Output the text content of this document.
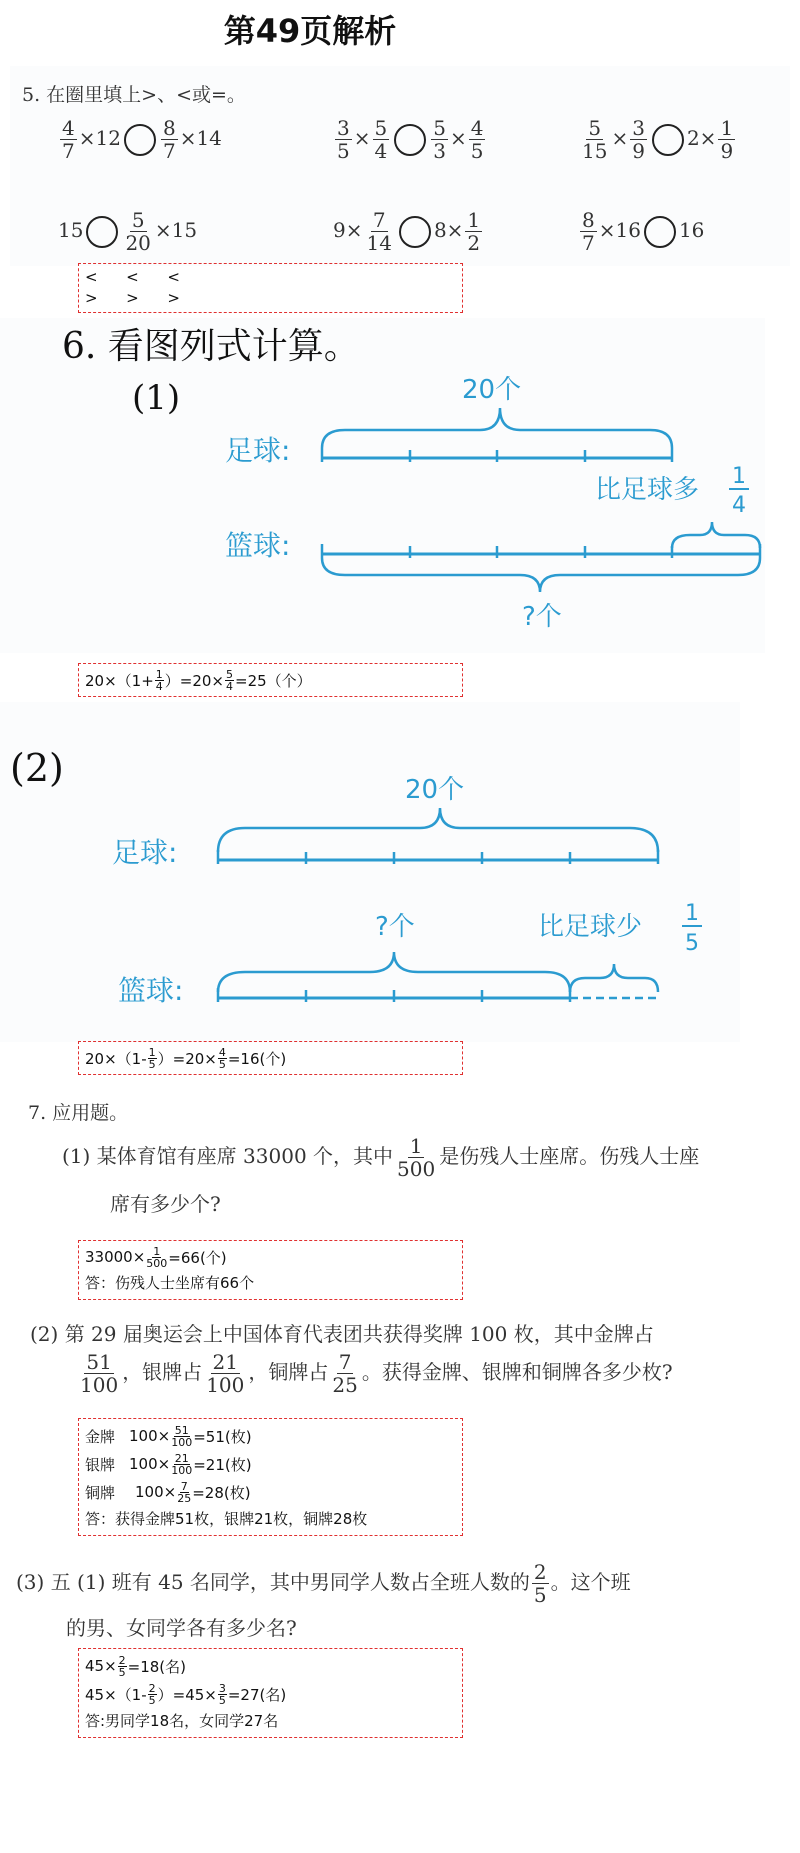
第49页解析
5. 在圈里填上>、<或=。
$\frac{4}{7} \times 12 \frac{8}{7} \times 14$	$\frac{3}{5} \times \frac{5}{4} \frac{5}{3} \times \frac{4}{5}$	$\frac{5}{15} \times \frac{3}{9} 2\times \frac{1}{9}$
$15 \frac{5}{20} \times 15$	$9\times \frac{7}{14} 8\times \frac{1}{2}$	$\frac{8}{7} \times 16$ 16
<      <      <
>      >      >
6. 看图列式计算。
(1)	20个
足球:
比足球多 1
4
篮球:
?个
$20\times(1+ \frac{1}{4} )=20\times \frac{5}{4} =25$（个）
(2)	20个
足球:
?个	比足球少 1
5
篮球:
20×（1- 1
5 ）$=20\times \frac{4}{5} =16$(个)
7. 应用题。
(1) 某体育馆有座席 33000 个，其中 $\frac{1}{500}$ 是伤残人士座席。伤残人士座
席有多少个?
$33000\times \frac{1}{500} =66$(个)
答：伤残人士坐席有66个
(2) 第 29 届奥运会上中国体育代表团共获得奖牌 100 枚，其中金牌占
$\frac{51}{100}$ ，银牌占 $\frac{21}{100}$ ，铜牌占 $\frac{7}{25}$ 。获得金牌、银牌和铜牌各多少枚?
金牌 $100\times \frac{51}{100} =51$(枚)
银牌 $100\times \frac{21}{100} =21$(枚)
铜牌 $100\times \frac{7}{25} =28$(枚)
答：获得金牌51枚，银牌21枚，铜牌28枚
(3) 五 (1) 班有 45 名同学，其中男同学人数占全班人数的 $\frac{2}{5}$ 。这个班
的男、女同学各有多少名?
$45\times \frac{2}{5} =18$(名)
45×（1- 2
5 ）$=45\times \frac{3}{5} =27$(名)
答:男同学18名，女同学27名
